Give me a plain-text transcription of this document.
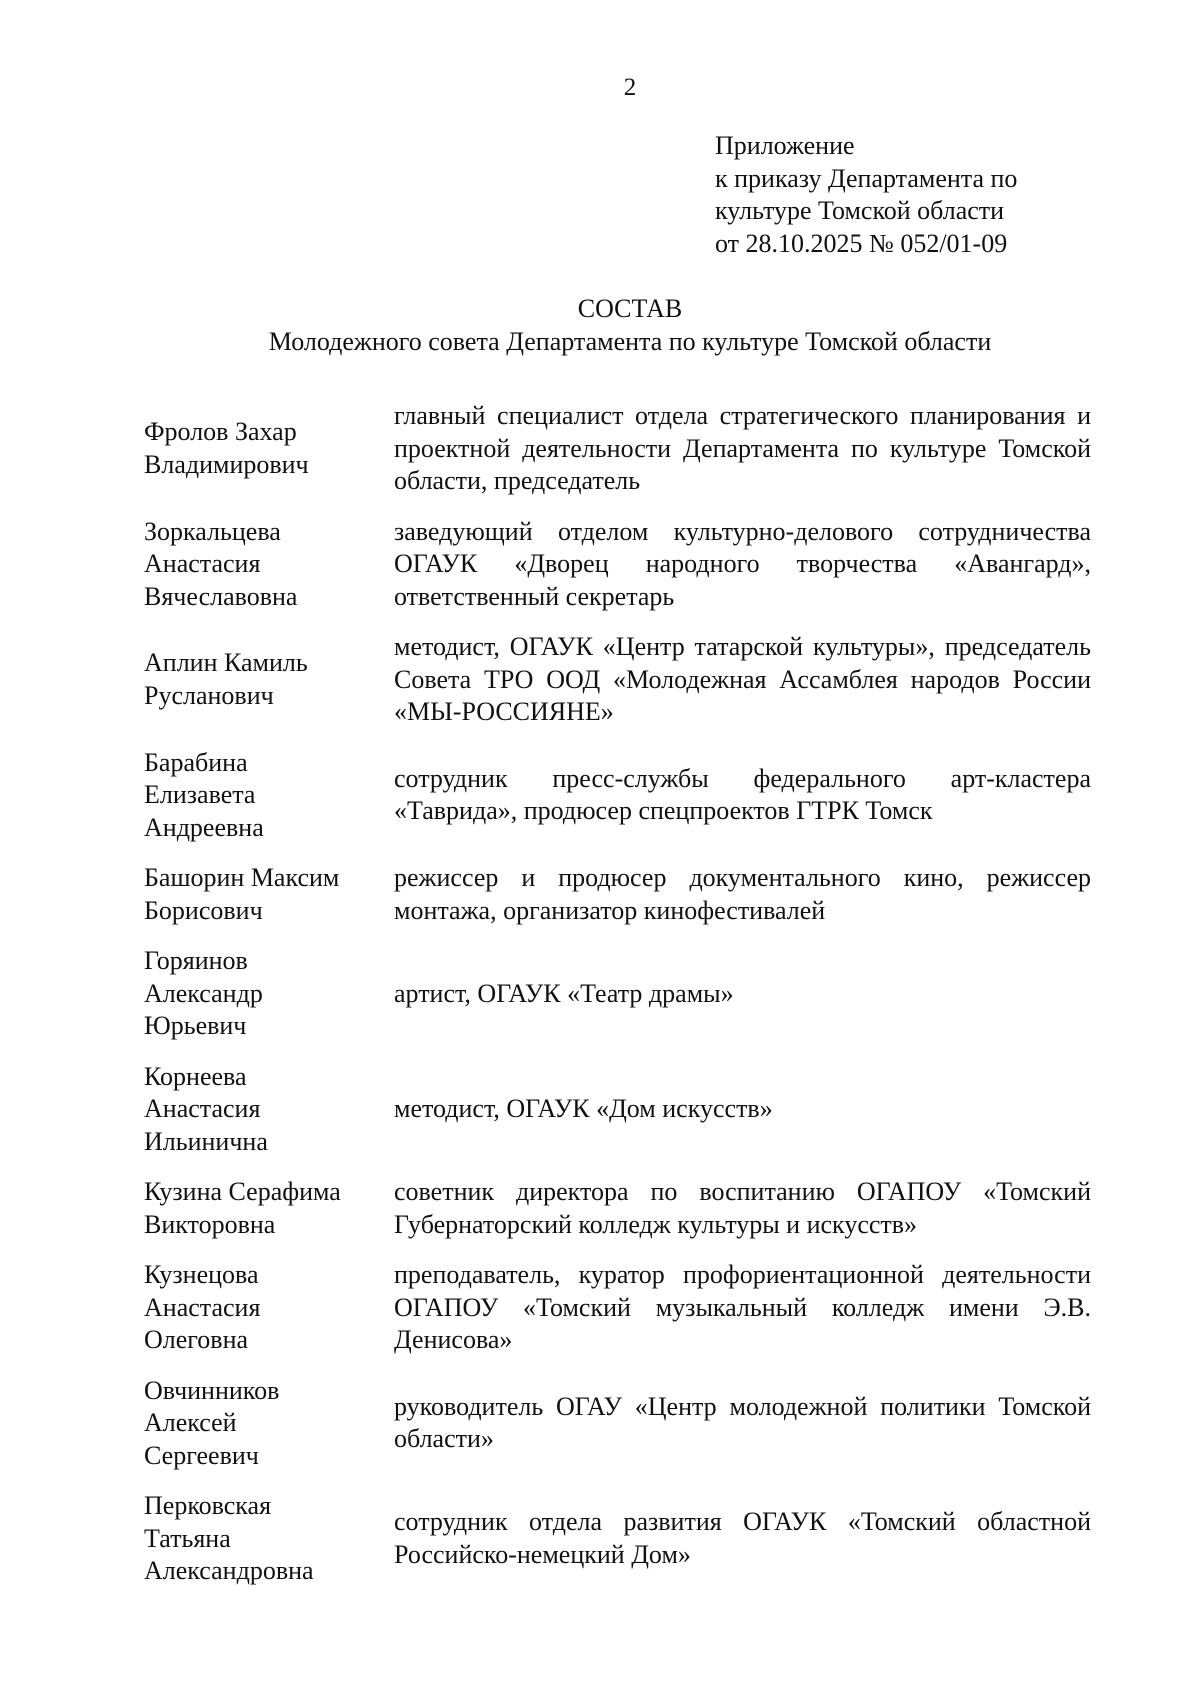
2
Приложение
к приказу Департамента по
культуре Томской области
от 28.10.2025 № 052/01-09
СОСТАВ
Молодежного совета Департамента по культуре Томской области
Фролов Захар
Владимирович
главный специалист отдела стратегического планирования и проектной деятельности Департамента по культуре Томской области, председатель
Зоркальцева
Анастасия
Вячеславовна
заведующий отделом культурно-делового сотрудничества ОГАУК «Дворец народного творчества «Авангард», ответственный секретарь
Аплин Камиль
Русланович
методист, ОГАУК «Центр татарской культуры», председатель Совета ТРО ООД «Молодежная Ассамблея народов России «МЫ-РОССИЯНЕ»
Барабина
Елизавета
Андреевна
сотрудник пресс-службы федерального арт-кластера «Таврида», продюсер спецпроектов ГТРК Томск
Башорин Максим
Борисович
режиссер и продюсер документального кино, режиссер монтажа, организатор кинофестивалей
Горяинов
Александр
Юрьевич
артист, ОГАУК «Театр драмы»
Корнеева
Анастасия
Ильинична
методист, ОГАУК «Дом искусств»
Кузина Серафима
Викторовна
советник директора по воспитанию ОГАПОУ «Томский Губернаторский колледж культуры и искусств»
Кузнецова
Анастасия
Олеговна
преподаватель, куратор профориентационной деятельности ОГАПОУ «Томский музыкальный колледж имени Э.В. Денисова»
Овчинников
Алексей
Сергеевич
руководитель ОГАУ «Центр молодежной политики Томской области»
Перковская
Татьяна
Александровна
сотрудник отдела развития ОГАУК «Томский областной Российско-немецкий Дом»
